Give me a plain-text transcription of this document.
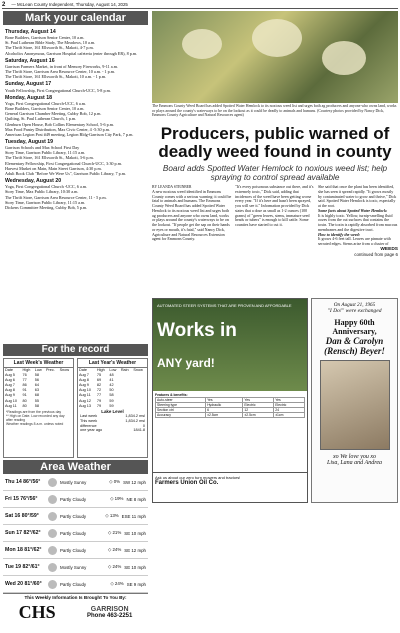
2 — McLean County Independent, Thursday, August 14, 2025
Mark your calendar
Thursday, August 14
Bone Builders, Garrison Senior Center, 10 a.m.
St. Paul Lutheran Bible Study, The Meadows, 10 a.m.
The Thrift Store, 161 Ellsworth St., Makoti, 4-7 p.m.
Alcoholics Anonymous, Garrison Hospital cafeteria (enter through ER), 8 p.m.
Saturday, August 16
Garrison Farmers Market, in front of Memory Fireworks, 9-11 a.m.
The Thrift Store, Garrison Area Resource Center, 10 a.m. - 1 p.m.
The Thrift Store, 161 Ellsworth St., Makoti, 10 a.m. - 1 p.m.
Sunday, August 17
Youth Fellowship, First Congregational Church-UCC, 5-8 p.m.
Monday, August 18
Yoga, First Congregational Church-UCC, 6 a.m.
Bone Builders, Garrison Senior Center, 10 a.m.
General Garrison Chamber Meeting, Cubby Bob, 12 p.m.
Quilting, St. Paul Lutheran Church, 1 p.m.
Glenburn Open House, Bob Collins Elementary School, 5-6 p.m.
Max Food Pantry Distribution, Max Civic Center, 4 -5:30 p.m.
American Legion Post #49 meeting, Legion Bldg-Garrison City Park, 7 p.m.
Tuesday, August 19
Garrison Schools and Max School First Day
Story Time, Garrison Public Library, 11:15 a.m.
The Thrift Store, 161 Ellsworth St., Makoti, 3-6 p.m.
Elementary Fellowship, First Congregational Church-UCC, 3:30 p.m.
Harvest Market on Main, Main Street Garrison, 4:30 p.m.
Adult Book Club "Before We Were Us", Garrison Public Library, 7 p.m.
Wednesday, August 20
Yoga, First Congregational Church -UCC, 6 a.m.
Story Time, Max Public Library, 10:30 a.m.
The Thrift Store, Garrison Area Resource Center, 11 - 5 p.m.
Story Time, Garrison Public Library, 11:15 a.m.
Dickens Committee Meeting, Cubby Bob, 5 p.m.
For the record
Last Week's Weather
Date	High	Low	Prec.	Snow
Aug 5	76	58		
Aug 6	77	56		
Aug 7	86	64		
Aug 8	91	63		
Aug 9	91	68		
Aug 10	80	55		
Aug 11	80	58		
*Readings are from the previous day
** High on Date. Low recorded any day after reading
Weather readings 8 a.m. unless noted
Last Year's Weather
Date	High	Low	Rain	Snow
Aug 7	75	48		
Aug 8	69	41		
Aug 9	82	42		
Aug 10	72	50		
Aug 11	77	58		
Aug 12	79	59		
Aug 13	79	59		
Lake Level
Last week	1,834.2 msl
This week	1,834.2 msl
difference	0
one year ago	1841.8
Area Weather
Thu 14 86°/56°	Mostly Sunny	◇ 0% SW 12 mph
Fri 15 76°/56°	Partly Cloudy	◇ 19% NE 8 mph
Sat 16 80°/59°	Partly Cloudy	◇ 13% ESE 11 mph
Sun 17 82°/62°	Partly Cloudy	◇ 21% SE 10 mph
Mon 18 81°/62°	Partly Cloudy	◇ 24% SE 12 mph
Tue 19 82°/61°	Mostly Sunny	◇ 24% SE 10 mph
Wed 20 81°/60°	Partly Cloudy	◇ 24% SE 9 mph
This Weekly Information Is Brought To You By:
CHS	GARRISON
Phone 463-2251
The Emmons County Weed Board has added Spotted Water Hemlock to its noxious weed list and urges both ag producers and anyone who owns land, works or plays around the county's waterways to be on the lookout as it could be deadly to animals and humans. (Courtesy photos provided by Nancy Dick, Emmons County Agriculture and Natural Resources agent)
Producers, public warned of deadly weed found in county
Board adds Spotted Water Hemlock to noxious weed list; help spraying to control spread available
BY LEANDA STEINBER

A new noxious weed identified in Emmons County comes with a serious warning: it could be fatal to animals and humans. The Emmons County Weed Board has added Spotted Water Hemlock to its noxious weed list and urges both ag producers and anyone who owns land, works or plays around the county's waterways to be on the lookout. "If people get the sap on their hands or eyes or mouth, it's fatal," said Nancy Dick, Agriculture and Natural Resources Extension agent for Emmons County.

"It's every poisonous substance out there, and it's extremely toxic," Dick said, adding that incidences of the weed have been getting worse every year. "If it's here and hasn't been sprayed, you will see it." Information provided by Dick states that a dose as small as 1-2 ounces (100 grams) of "green leaves, stems, immature seed heads or tubers" is enough to kill cattle. Some counties have started to cut it.

She said that once the plant has been identified, she has seen it spread rapidly. "It grows mostly by contaminated water to grow and thrive," Dick said. Spotted Water Hemlock is toxic, especially at the root.

Some facts about Spotted Water Hemlock:

It is highly toxic. Yellow, turnip-smelling fluid oozes from the cut surfaces that contains the toxin. The toxin is rapidly absorbed from mucous membranes and the digestive tract.

How to identify the weed:

It grows 4-6 feet tall. Leaves are pinnate with serrated edges. Stems arise from a cluster of

WEEDS
continued from page 6
AUTOMATED STEER SYSTEMS THAT ARE PROVEN AND AFFORDABLE
Works in
ANY yard!
Features & benefits:
Auto-steer	Yes	Yes	Yes
Steering type	Hydraulic	Electric	Electric
Section ctrl	6	12	24
Accuracy	±2.5cm	±2.5cm	±1cm
Ask us about our zero turn mowers and tractors!
Farmers Union Oil Co.
On August 21, 1965
"I Do!" were exchanged
Happy 60th Anniversary,
Dan & Carolyn (Rensch) Beyer!
xo We love you xo
Lisa, Lana and Andrea
